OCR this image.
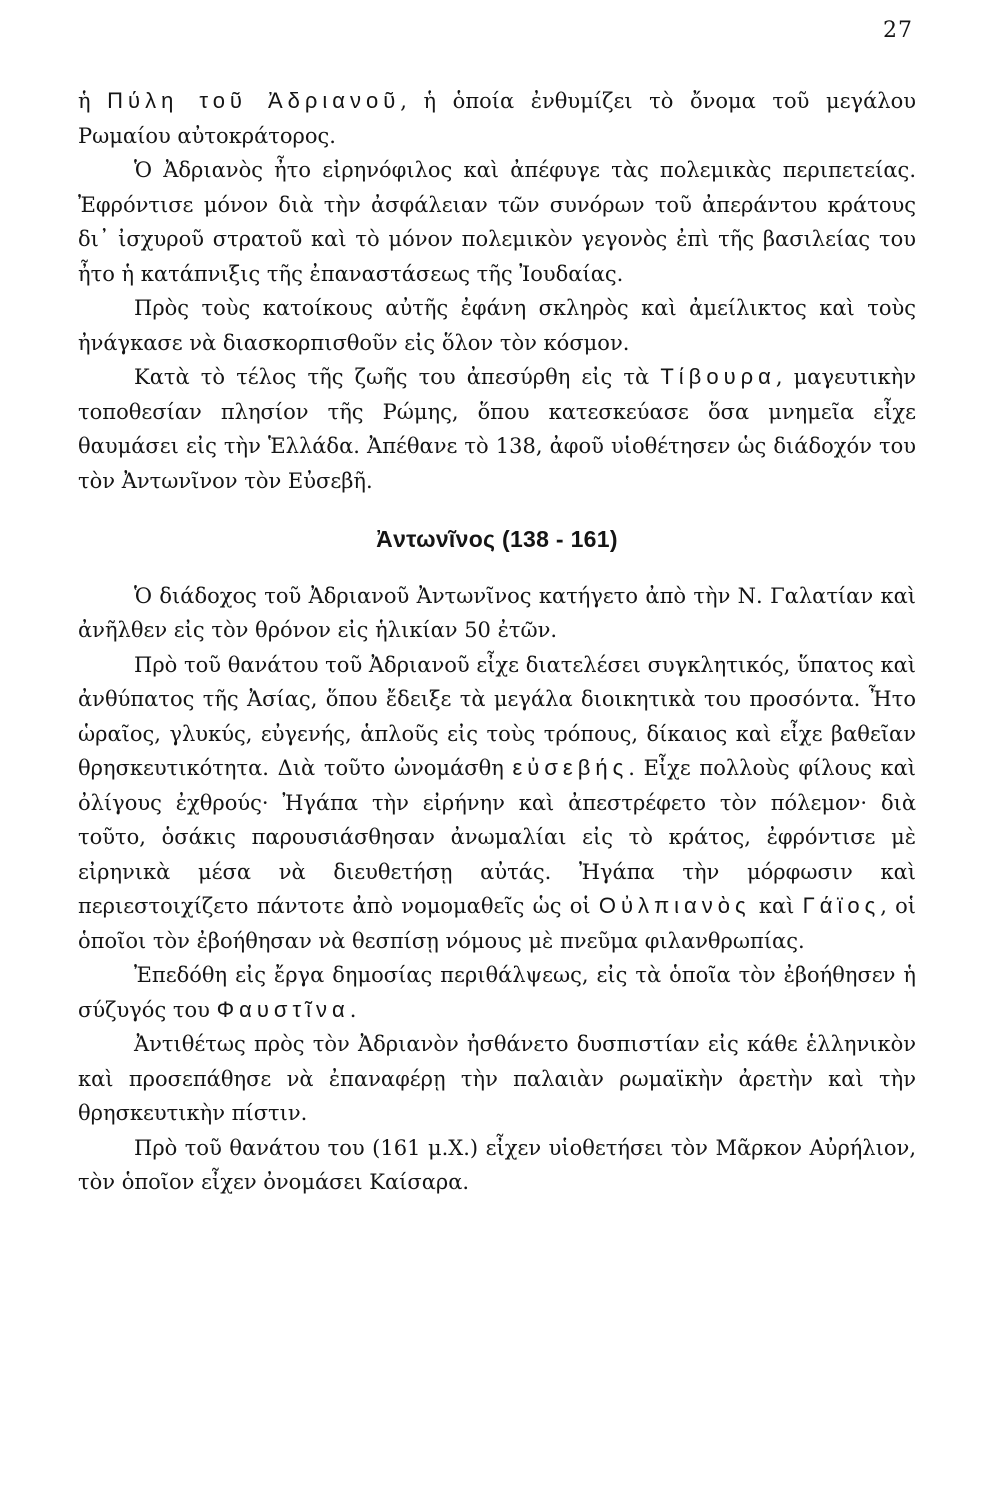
27

ἡ Πύλη τοῦ Ἀδριανοῦ, ἡ ὁποία ἐνθυμίζει τὸ ὄνομα τοῦ μεγάλου Ρωμαίου αὐτοκράτορος.

Ὁ Ἀδριανὸς ἦτο εἰρηνόφιλος καὶ ἀπέφυγε τὰς πολεμικὰς περιπετείας. Ἐφρόντισε μόνον διὰ τὴν ἀσφάλειαν τῶν συνόρων τοῦ ἀπεράντου κράτους δι᾽ ἰσχυροῦ στρατοῦ καὶ τὸ μόνον πολεμικὸν γεγονὸς ἐπὶ τῆς βασιλείας του ἦτο ἡ κατάπνιξις τῆς ἐπαναστάσεως τῆς Ἰουδαίας.

Πρὸς τοὺς κατοίκους αὐτῆς ἐφάνη σκληρὸς καὶ ἀμείλικτος καὶ τοὺς ἠνάγκασε νὰ διασκορπισθοῦν εἰς ὅλον τὸν κόσμον.

Κατὰ τὸ τέλος τῆς ζωῆς του ἀπεσύρθη εἰς τὰ Τίβουρα, μαγευτικὴν τοποθεσίαν πλησίον τῆς Ρώμης, ὅπου κατεσκεύασε ὅσα μνημεῖα εἶχε θαυμάσει εἰς τὴν Ἑλλάδα. Ἀπέθανε τὸ 138, ἀφοῦ υἱοθέτησεν ὡς διάδοχόν του τὸν Ἀντωνῖνον τὸν Εὐσεβῆ.

Ἀντωνῖνος (138 - 161)

Ὁ διάδοχος τοῦ Ἀδριανοῦ Ἀντωνῖνος κατήγετο ἀπὸ τὴν Ν. Γαλατίαν καὶ ἀνῆλθεν εἰς τὸν θρόνον εἰς ἡλικίαν 50 ἐτῶν.

Πρὸ τοῦ θανάτου τοῦ Ἀδριανοῦ εἶχε διατελέσει συγκλητικός, ὕπατος καὶ ἀνθύπατος τῆς Ἀσίας, ὅπου ἔδειξε τὰ μεγάλα διοικητικὰ του προσόντα. Ἦτο ὡραῖος, γλυκύς, εὐγενής, ἁπλοῦς εἰς τοὺς τρόπους, δίκαιος καὶ εἶχε βαθεῖαν θρησκευτικότητα. Διὰ τοῦτο ὠνομάσθη εὐσεβής. Εἶχε πολλοὺς φίλους καὶ ὀλίγους ἐχθρούς· Ἠγάπα τὴν εἰρήνην καὶ ἀπεστρέφετο τὸν πόλεμον· διὰ τοῦτο, ὁσάκις παρουσιάσθησαν ἀνωμαλίαι εἰς τὸ κράτος, ἐφρόντισε μὲ εἰρηνικὰ μέσα νὰ διευθετήσῃ αὐτάς. Ἠγάπα τὴν μόρφωσιν καὶ περιεστοιχίζετο πάντοτε ἀπὸ νομομαθεῖς ὡς οἱ Οὐλπιανὸς καὶ Γάϊος, οἱ ὁποῖοι τὸν ἐβοήθησαν νὰ θεσπίσῃ νόμους μὲ πνεῦμα φιλανθρωπίας.

Ἐπεδόθη εἰς ἔργα δημοσίας περιθάλψεως, εἰς τὰ ὁποῖα τὸν ἐβοήθησεν ἡ σύζυγός του Φαυστῖνα.

Ἀντιθέτως πρὸς τὸν Ἀδριανὸν ἠσθάνετο δυσπιστίαν εἰς κάθε ἑλληνικὸν καὶ προσεπάθησε νὰ ἐπαναφέρῃ τὴν παλαιὰν ρωμαϊκὴν ἀρετὴν καὶ τὴν θρησκευτικὴν πίστιν.

Πρὸ τοῦ θανάτου του (161 μ.Χ.) εἶχεν υἱοθετήσει τὸν Μᾶρκον Αὐρήλιον, τὸν ὁποῖον εἶχεν ὀνομάσει Καίσαρα.
